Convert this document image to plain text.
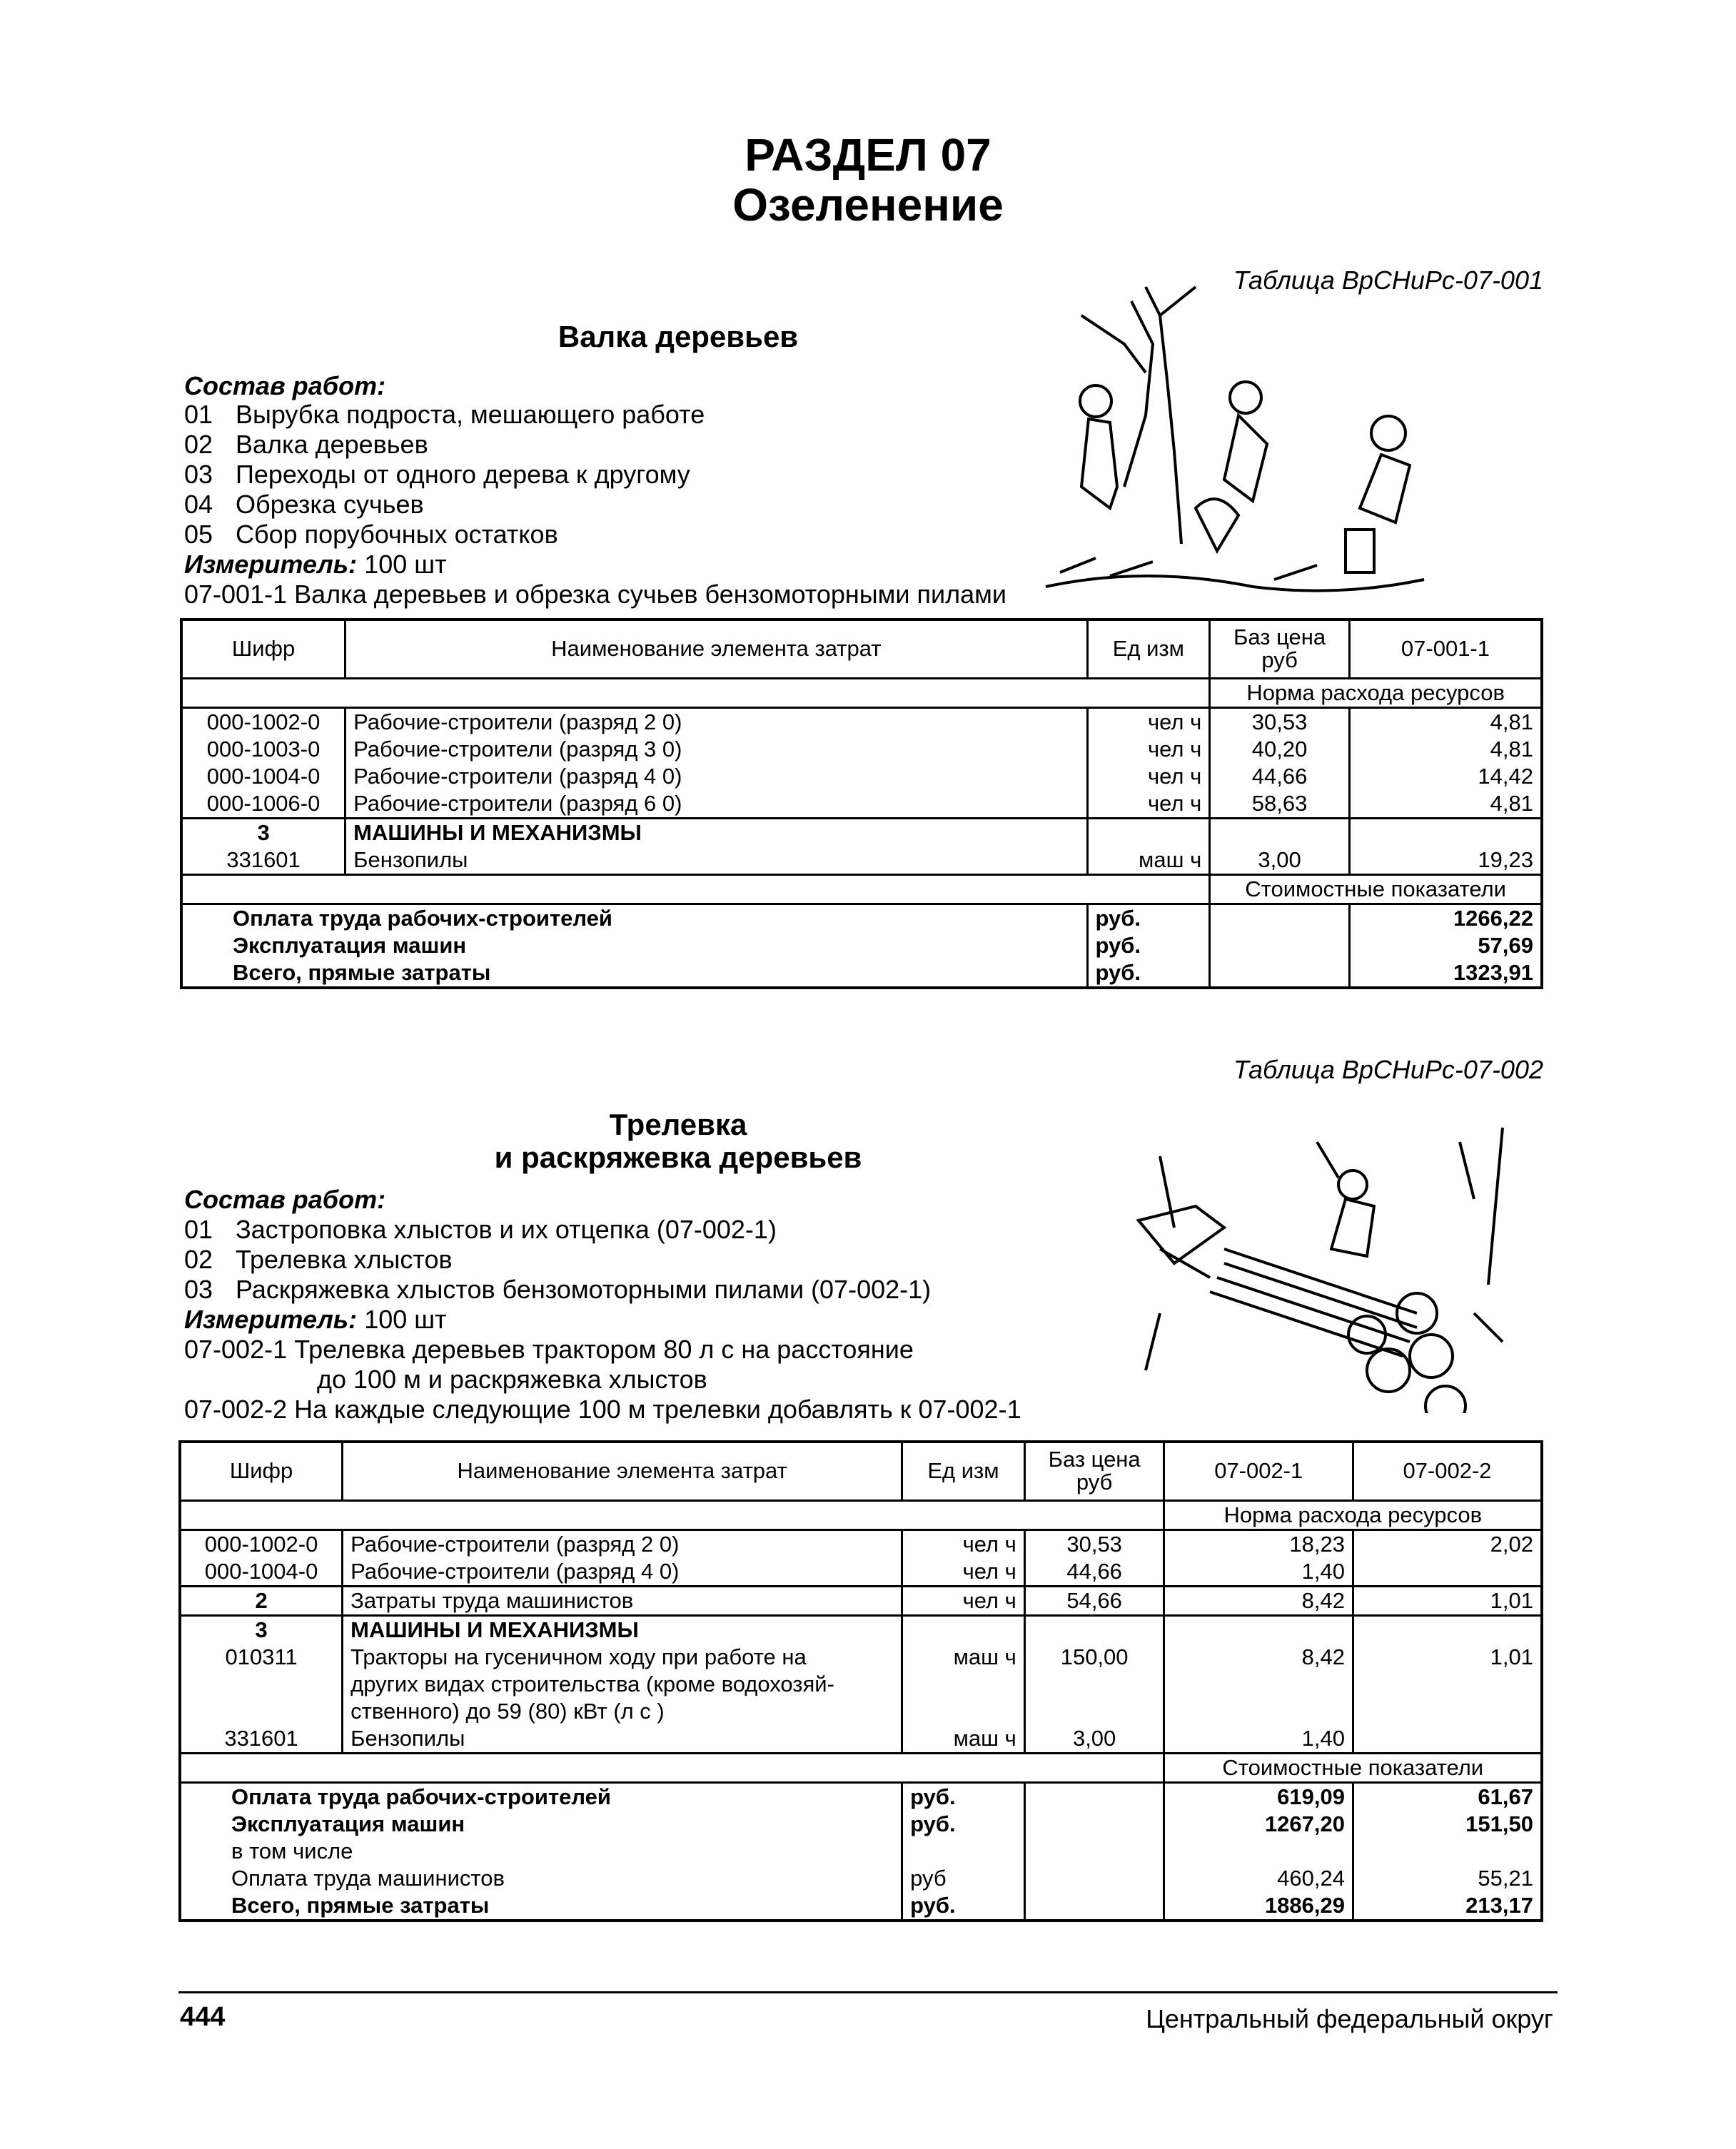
РАЗДЕЛ 07
Озеленение
Таблица ВрСНиРс-07-001
Валка деревьев
Состав работ:
01 Вырубка подроста, мешающего работе
02 Валка деревьев
03 Переходы от одного дерева к другому
04 Обрезка сучьев
05 Сбор порубочных остатков
Измеритель: 100 шт
07-001-1 Валка деревьев и обрезка сучьев бензомоторными пилами
Шифр	Наименование элемента затрат	Ед изм	Баз цена руб	07-001-1
			Норма расхода ресурсов	
000-1002-0	Рабочие-строители (разряд 2 0)	чел ч	30,53	4,81
000-1003-0	Рабочие-строители (разряд 3 0)	чел ч	40,20	4,81
000-1004-0	Рабочие-строители (разряд 4 0)	чел ч	44,66	14,42
000-1006-0	Рабочие-строители (разряд 6 0)	чел ч	58,63	4,81
3	МАШИНЫ И МЕХАНИЗМЫ			
331601	Бензопилы	маш ч	3,00	19,23
			Стоимостные показатели	
Оплата труда рабочих-строителей		руб.		1266,22
Эксплуатация машин		руб.		57,69
Всего, прямые затраты		руб.		1323,91
Таблица ВрСНиРс-07-002
Трелевка
и раскряжевка деревьев
Состав работ:
01 Застроповка хлыстов и их отцепка (07-002-1)
02 Трелевка хлыстов
03 Раскряжевка хлыстов бензомоторными пилами (07-002-1)
Измеритель: 100 шт
07-002-1 Трелевка деревьев трактором 80 л с на расстояние
до 100 м и раскряжевка хлыстов
07-002-2 На каждые следующие 100 м трелевки добавлять к 07-002-1
Шифр	Наименование элемента затрат	Ед изм	Баз цена руб	07-002-1	07-002-2
				Норма расхода ресурсов	
000-1002-0	Рабочие-строители (разряд 2 0)	чел ч	30,53	18,23	2,02
000-1004-0	Рабочие-строители (разряд 4 0)	чел ч	44,66	1,40	
2	Затраты труда машинистов	чел ч	54,66	8,42	1,01
3	МАШИНЫ И МЕХАНИЗМЫ				
010311	Тракторы на гусеничном ходу при работе на	маш ч	150,00	8,42	1,01
	других видах строительства (кроме водохозяй-				
	ственного) до 59 (80) кВт (л с )				
331601	Бензопилы	маш ч	3,00	1,40	
				Стоимостные показатели	
Оплата труда рабочих-строителей		руб.		619,09	61,67
Эксплуатация машин		руб.		1267,20	151,50
в том числе					
Оплата труда машинистов		руб		460,24	55,21
Всего, прямые затраты		руб.		1886,29	213,17
444	Центральный федеральный округ
